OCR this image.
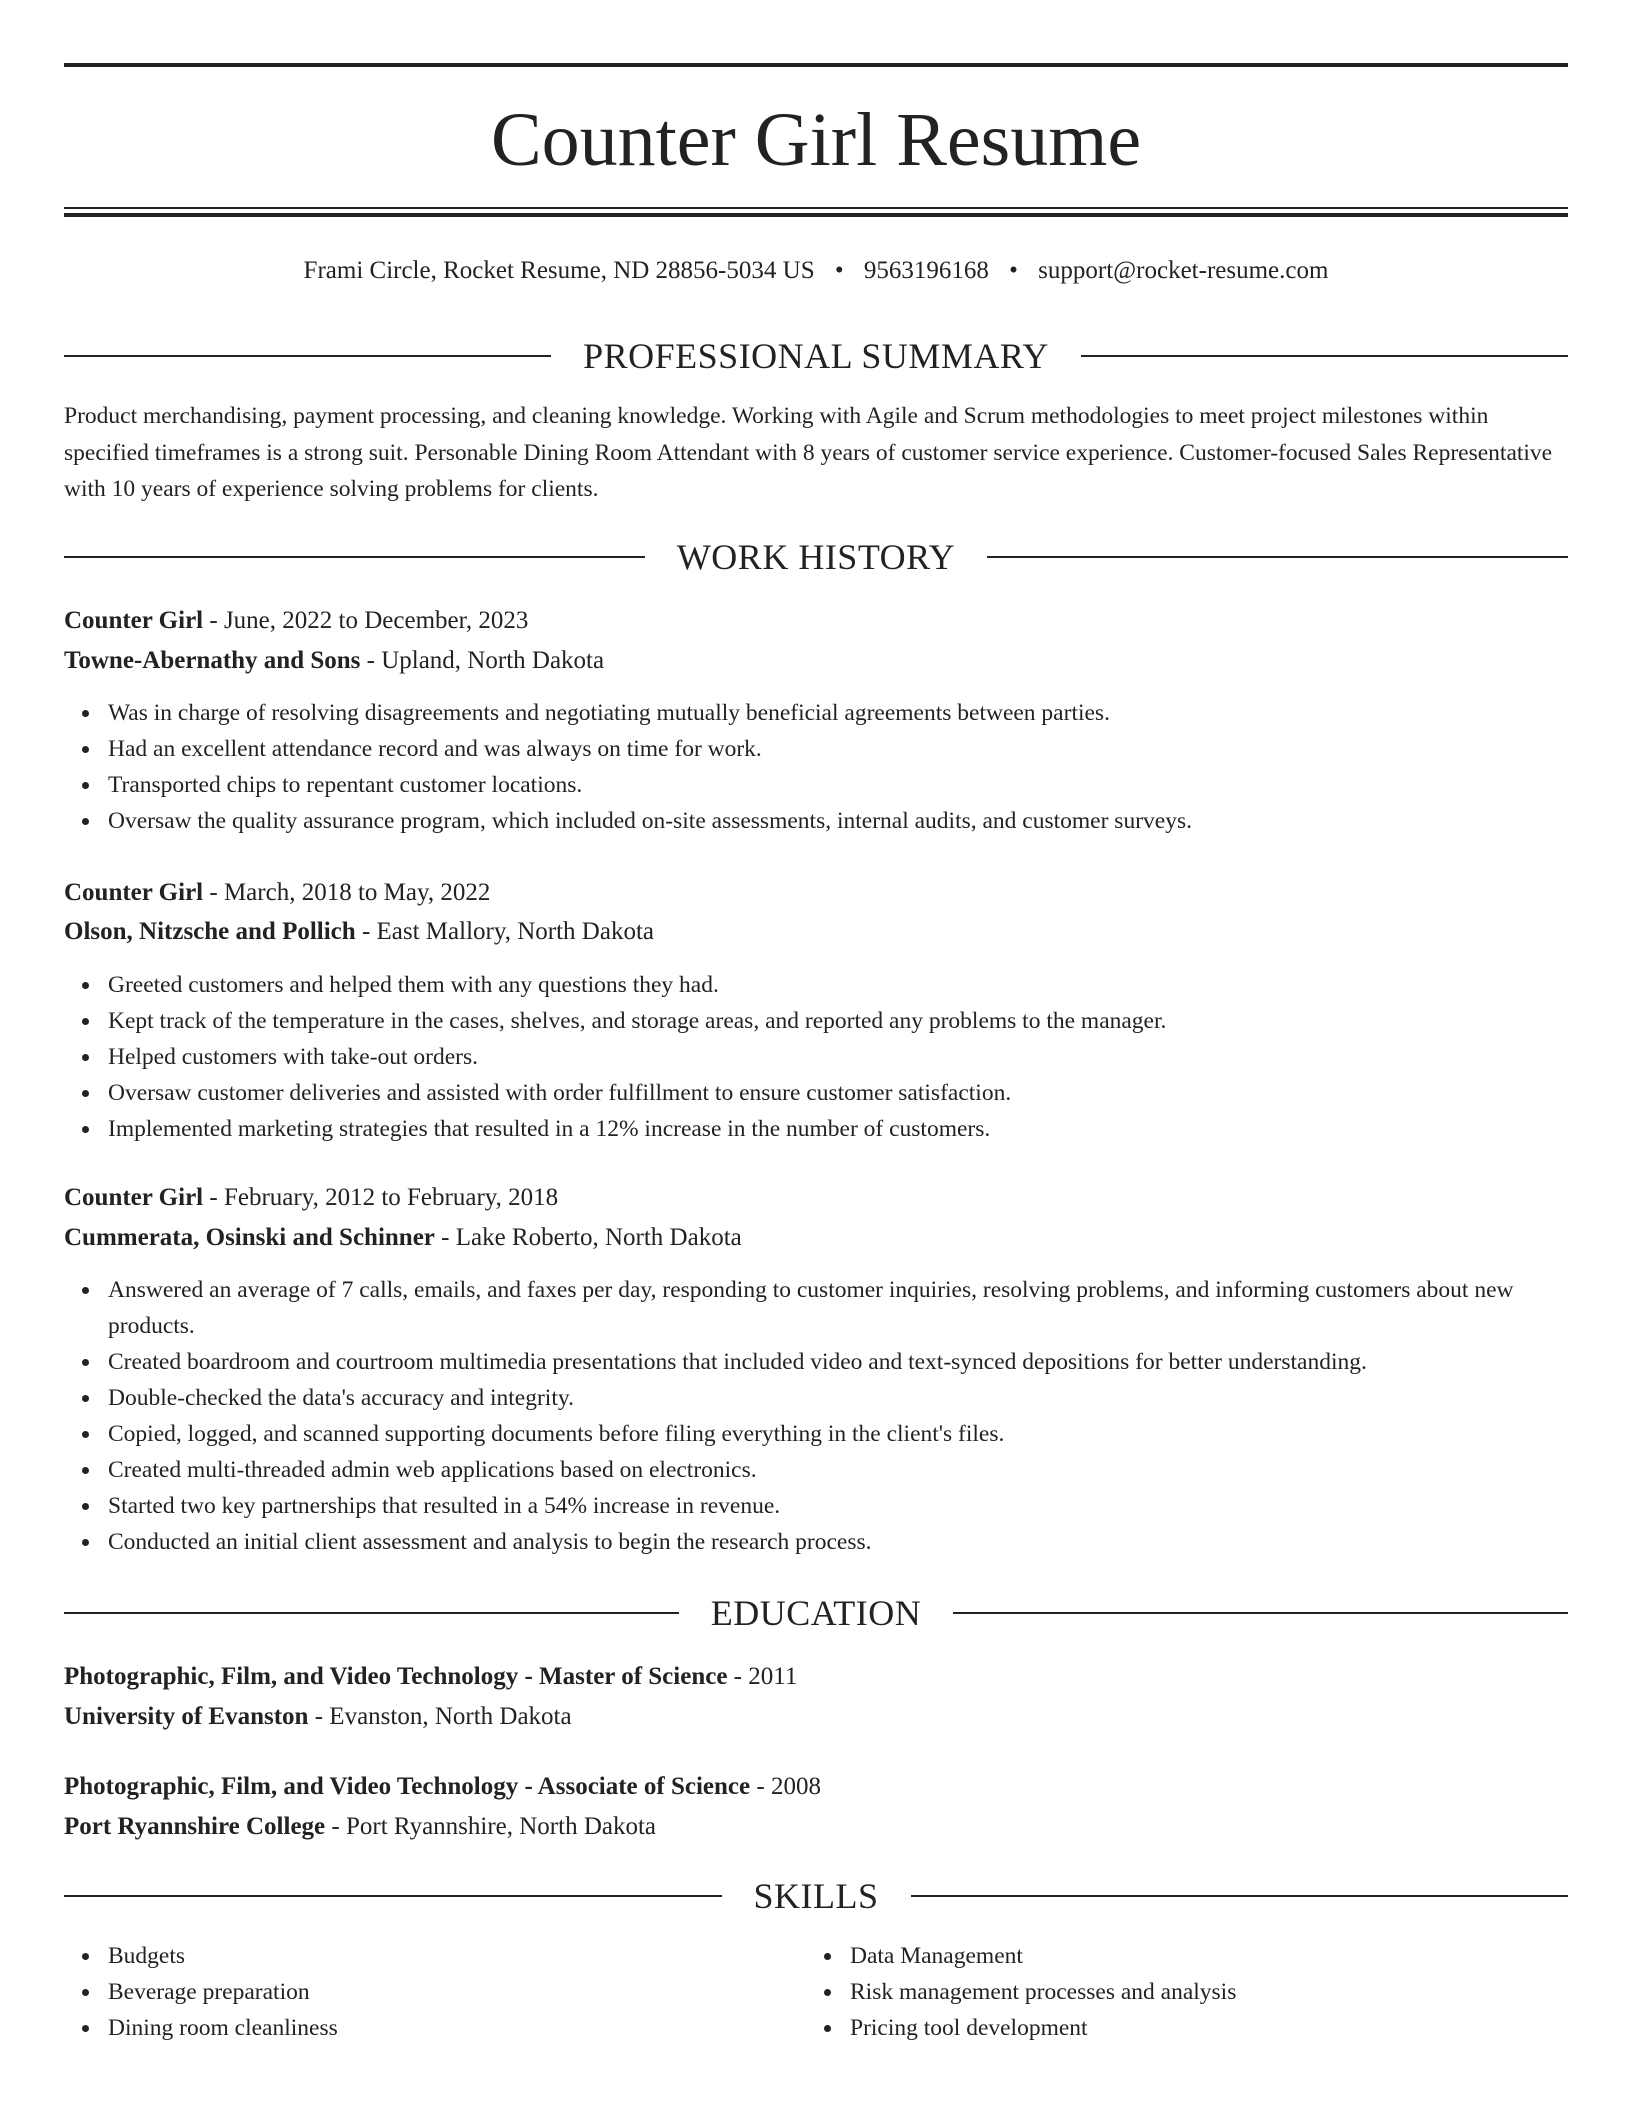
Counter Girl Resume
Frami Circle, Rocket Resume, ND 28856-5034 US • 9563196168 • support@rocket-resume.com
PROFESSIONAL SUMMARY

Product merchandising, payment processing, and cleaning knowledge. Working with Agile and Scrum methodologies to meet project milestones within specified timeframes is a strong suit. Personable Dining Room Attendant with 8 years of customer service experience. Customer-focused Sales Representative with 10 years of experience solving problems for clients.

WORK HISTORY
Counter Girl - June, 2022 to December, 2023
Towne-Abernathy and Sons - Upland, North Dakota
Was in charge of resolving disagreements and negotiating mutually beneficial agreements between parties.
Had an excellent attendance record and was always on time for work.
Transported chips to repentant customer locations.
Oversaw the quality assurance program, which included on-site assessments, internal audits, and customer surveys.
Counter Girl - March, 2018 to May, 2022
Olson, Nitzsche and Pollich - East Mallory, North Dakota
Greeted customers and helped them with any questions they had.
Kept track of the temperature in the cases, shelves, and storage areas, and reported any problems to the manager.
Helped customers with take-out orders.
Oversaw customer deliveries and assisted with order fulfillment to ensure customer satisfaction.
Implemented marketing strategies that resulted in a 12% increase in the number of customers.
Counter Girl - February, 2012 to February, 2018
Cummerata, Osinski and Schinner - Lake Roberto, North Dakota
Answered an average of 7 calls, emails, and faxes per day, responding to customer inquiries, resolving problems, and informing customers about new products.
Created boardroom and courtroom multimedia presentations that included video and text-synced depositions for better understanding.
Double-checked the data's accuracy and integrity.
Copied, logged, and scanned supporting documents before filing everything in the client's files.
Created multi-threaded admin web applications based on electronics.
Started two key partnerships that resulted in a 54% increase in revenue.
Conducted an initial client assessment and analysis to begin the research process.
EDUCATION
Photographic, Film, and Video Technology - Master of Science - 2011
University of Evanston - Evanston, North Dakota
Photographic, Film, and Video Technology - Associate of Science - 2008
Port Ryannshire College - Port Ryannshire, North Dakota
SKILLS
Budgets
Beverage preparation
Dining room cleanliness
Data Management
Risk management processes and analysis
Pricing tool development
